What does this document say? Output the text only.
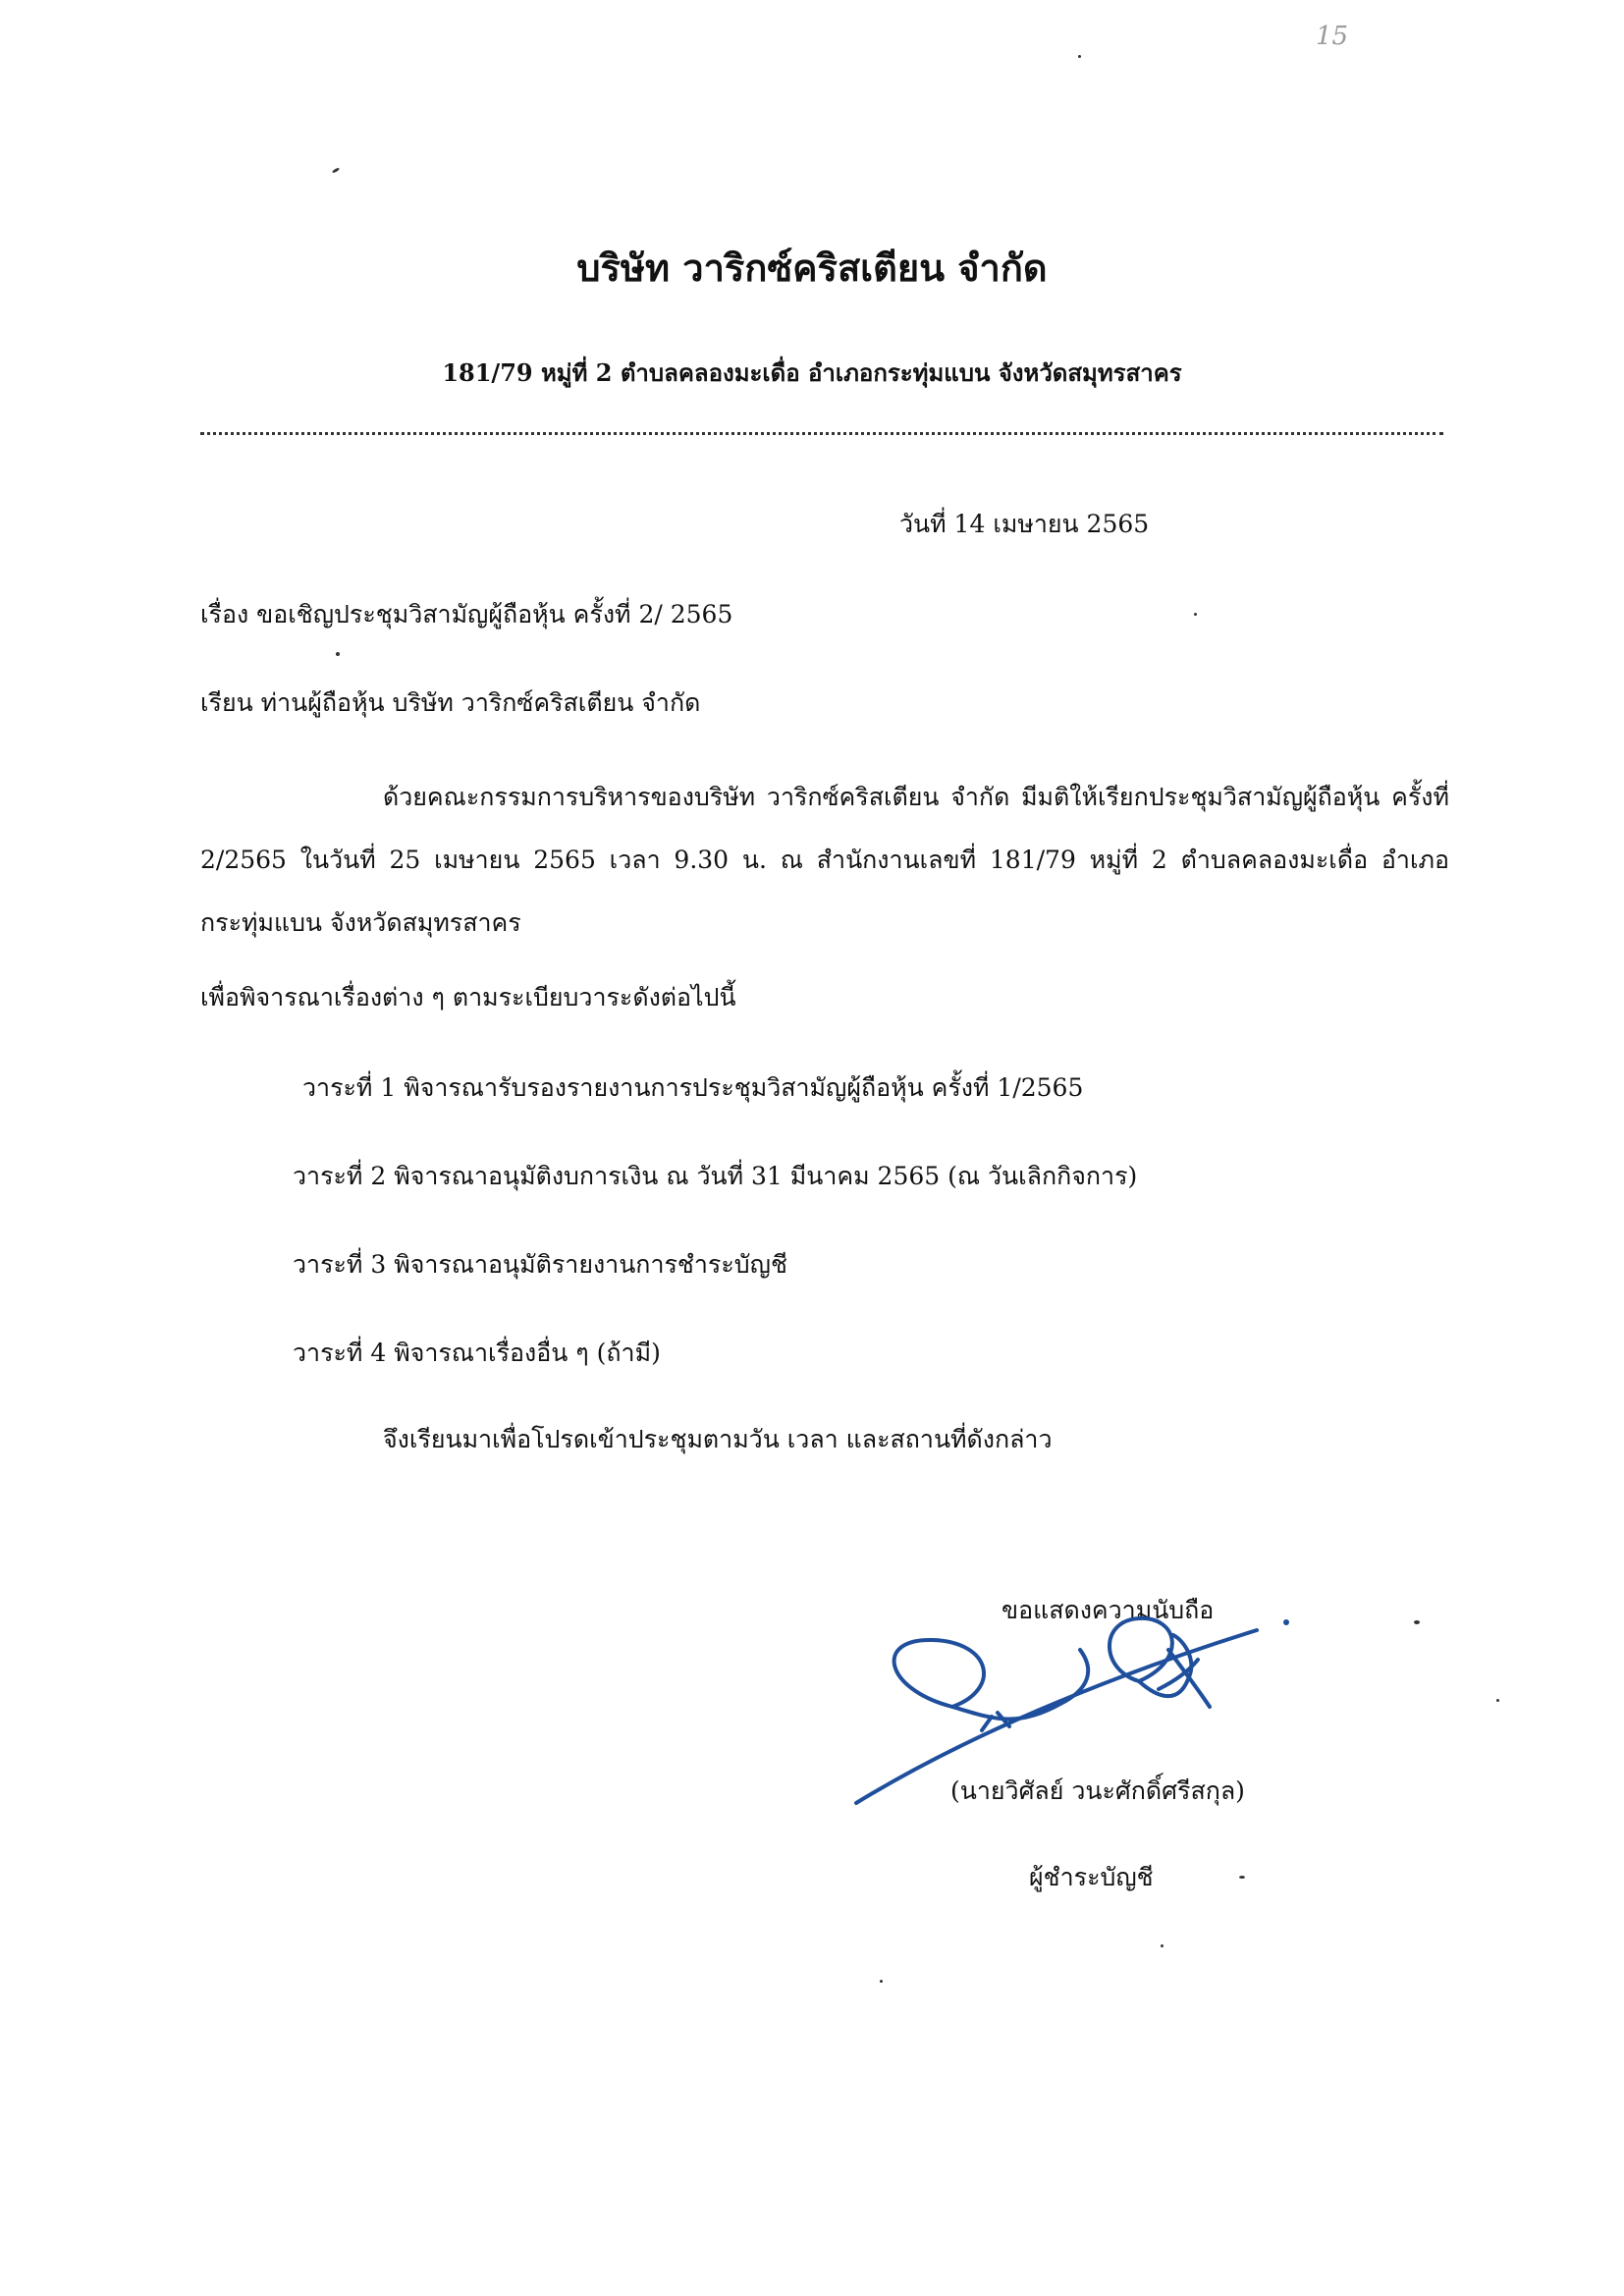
15
บริษัท วาริกซ์คริสเตียน จำกัด
181/79 หมู่ที่ 2 ตำบลคลองมะเดื่อ อำเภอกระทุ่มแบน จังหวัดสมุทรสาคร
วันที่ 14 เมษายน 2565
เรื่อง ขอเชิญประชุมวิสามัญผู้ถือหุ้น ครั้งที่ 2/ 2565
เรียน ท่านผู้ถือหุ้น บริษัท วาริกซ์คริสเตียน จำกัด
ด้วยคณะกรรมการบริหารของบริษัท วาริกซ์คริสเตียน จำกัด มีมติให้เรียกประชุมวิสามัญผู้ถือหุ้น ครั้งที่ 2/2565 ในวันที่ 25 เมษายน 2565 เวลา 9.30 น. ณ สำนักงานเลขที่ 181/79 หมู่ที่ 2 ตำบลคลองมะเดื่อ อำเภอกระทุ่มแบน จังหวัดสมุทรสาคร
เพื่อพิจารณาเรื่องต่าง ๆ ตามระเบียบวาระดังต่อไปนี้
วาระที่ 1 พิจารณารับรองรายงานการประชุมวิสามัญผู้ถือหุ้น ครั้งที่ 1/2565
วาระที่ 2 พิจารณาอนุมัติงบการเงิน ณ วันที่ 31 มีนาคม 2565 (ณ วันเลิกกิจการ)
วาระที่ 3 พิจารณาอนุมัติรายงานการชำระบัญชี
วาระที่ 4 พิจารณาเรื่องอื่น ๆ (ถ้ามี)
จึงเรียนมาเพื่อโปรดเข้าประชุมตามวัน เวลา และสถานที่ดังกล่าว
ขอแสดงความนับถือ
(นายวิศัลย์ วนะศักดิ์ศรีสกุล)
ผู้ชำระบัญชี
